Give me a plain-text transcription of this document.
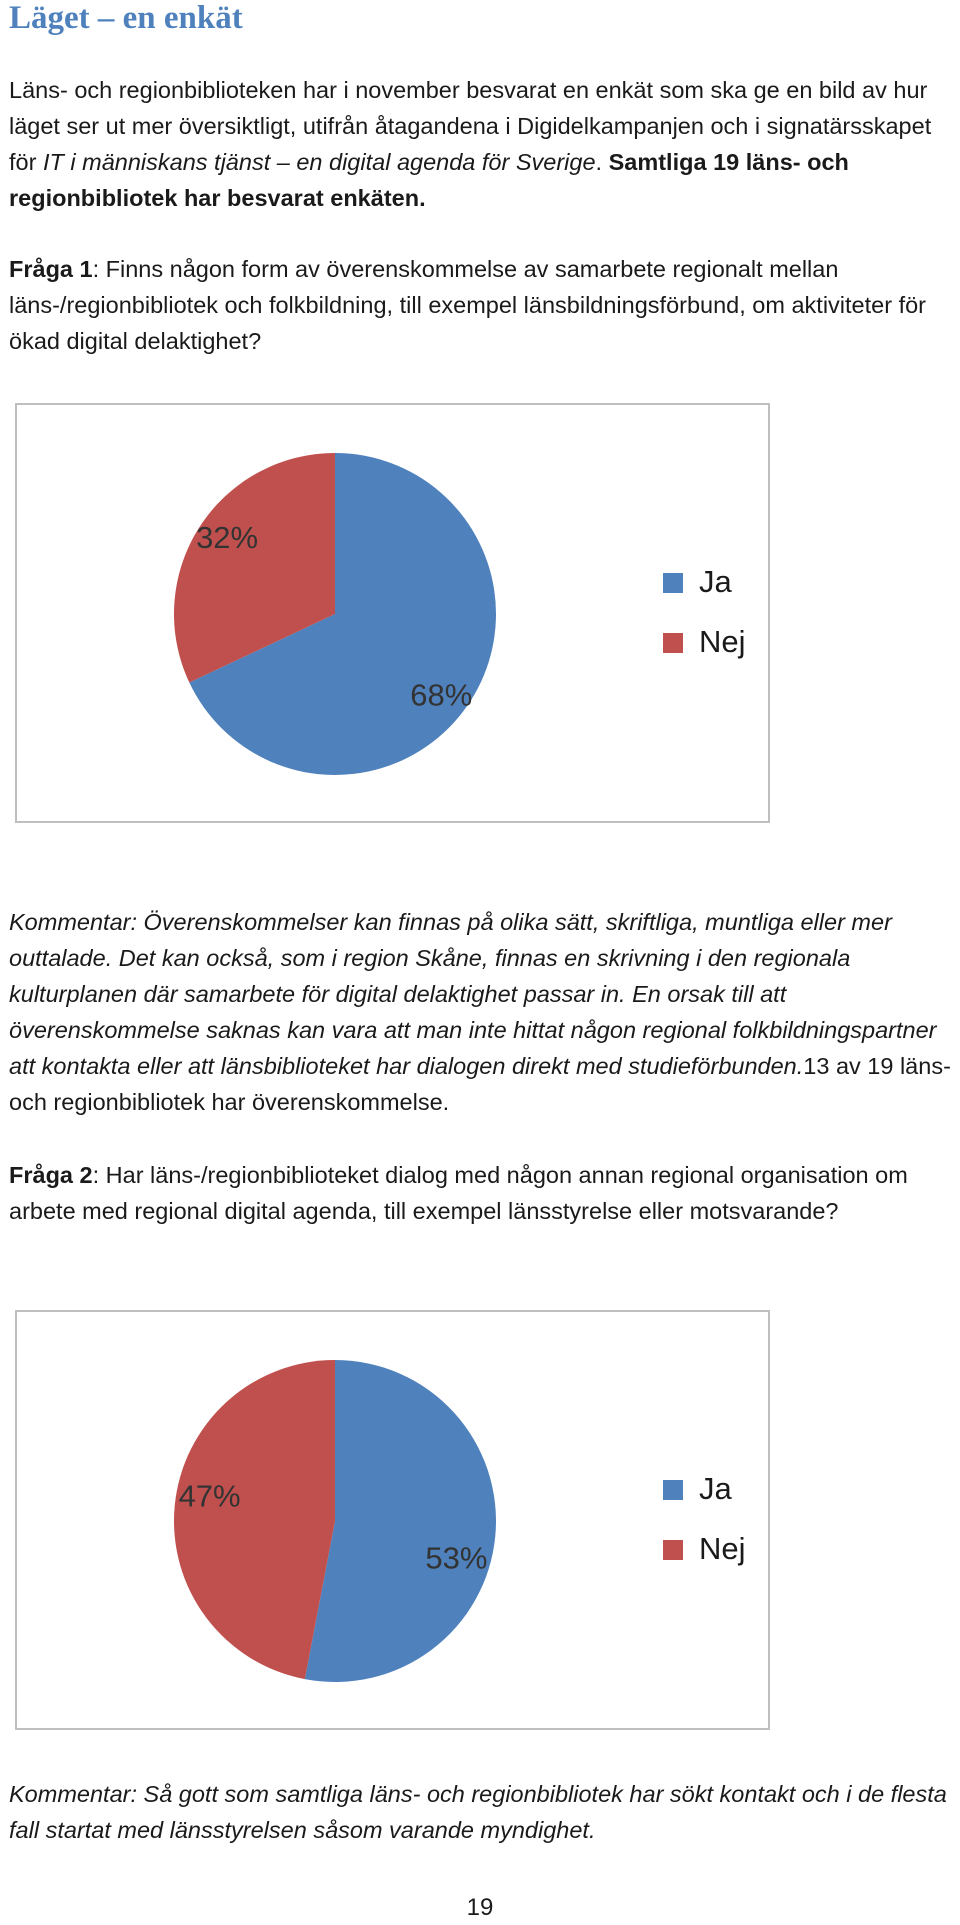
Läget – en enkät

Läns- och regionbiblioteken har i november besvarat en enkät som ska ge en bild av hur läget ser ut mer översiktligt, utifrån åtagandena i Digidelkampanjen och i signatärsskapet för IT i människans tjänst – en digital agenda för Sverige. Samtliga 19 läns- och regionbibliotek har besvarat enkäten.

Fråga 1: Finns någon form av överenskommelse av samarbete regionalt mellan läns-/regionbibliotek och folkbildning, till exempel länsbildningsförbund, om aktiviteter för ökad digital delaktighet?

68%
32%
Ja
Nej

Kommentar: Överenskommelser kan finnas på olika sätt, skriftliga, muntliga eller mer outtalade. Det kan också, som i region Skåne, finnas en skrivning i den regionala kulturplanen där samarbete för digital delaktighet passar in. En orsak till att överenskommelse saknas kan vara att man inte hittat någon regional folkbildningspartner att kontakta eller att länsbiblioteket har dialogen direkt med studieförbunden.13 av 19 läns- och regionbibliotek har överenskommelse.

Fråga 2: Har läns-/regionbiblioteket dialog med någon annan regional organisation om arbete med regional digital agenda, till exempel länsstyrelse eller motsvarande?

53%
47%	Ja
Nej

Kommentar: Så gott som samtliga läns- och regionbibliotek har sökt kontakt och i de flesta fall startat med länsstyrelsen såsom varande myndighet.

19
